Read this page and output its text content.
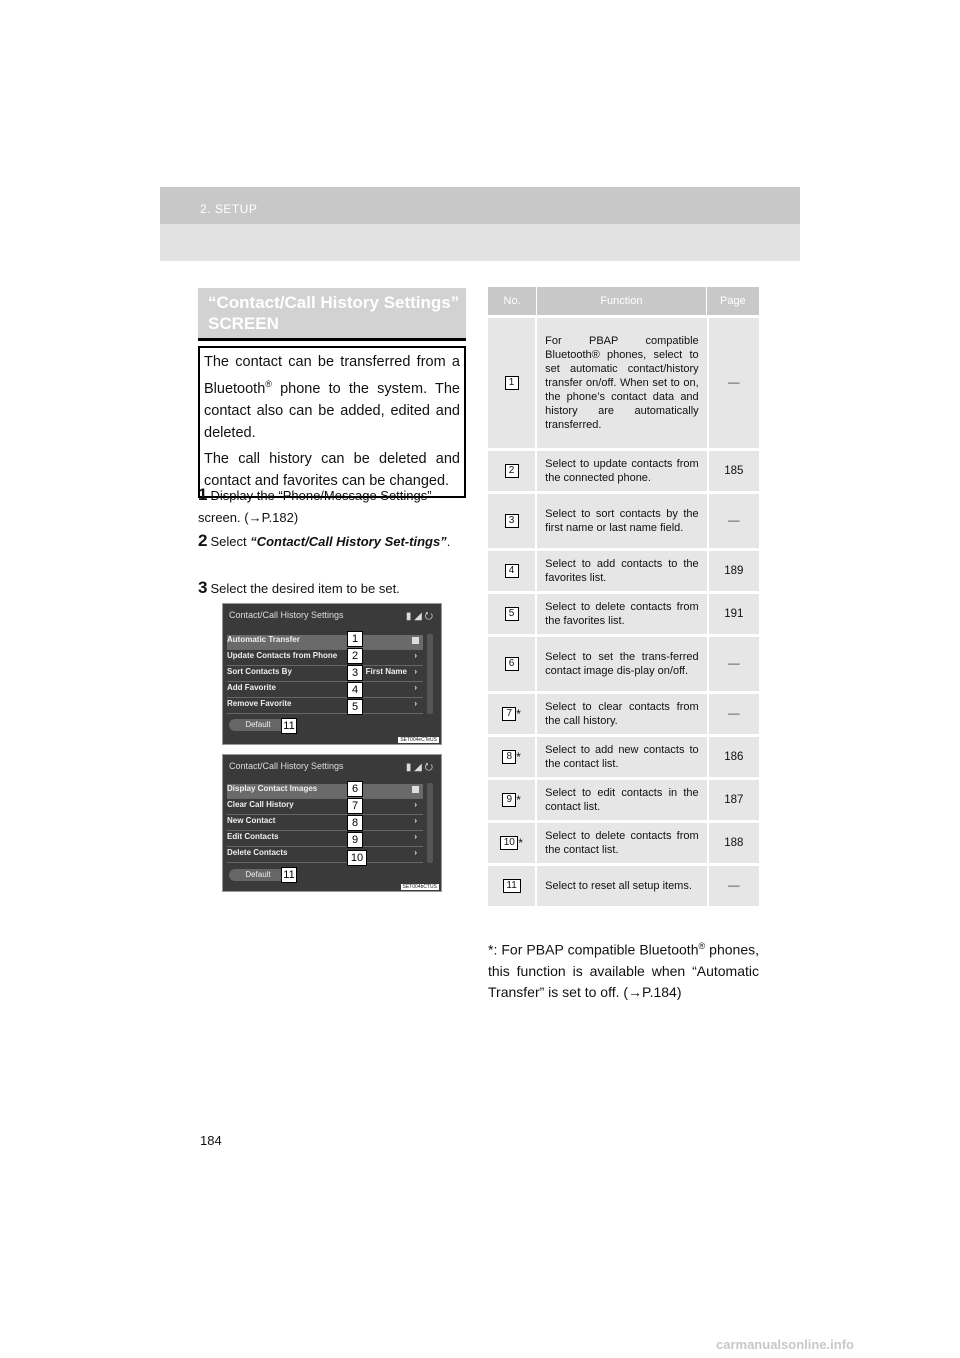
2. SETUP
“Contact/Call History Settings” SCREEN

The contact can be transferred from a Bluetooth® phone to the system. The contact also can be added, edited and deleted.

The call history can be deleted and contact and favorites can be changed.

1 Display the “Phone/Message Settings” screen. (→P.182)
2 Select “Contact/Call History Set-tings”.
3 Select the desired item to be set.
Contact/Call History Settings	▮ ◢ ⭮
Automatic Transfer
Update Contacts from Phone	›
Sort Contacts By	First Name ›
Add Favorite	›
Remove Favorite	›
Default
SET004eCTeUS
1
2
3
4
5
11
Contact/Call History Settings	▮ ◢ ⭮
Display Contact Images
Clear Call History	›
New Contact	›
Edit Contacts	›
Delete Contacts	›
Default
SET004bCTUS
6
7
8
9
10
11
No.	Function	Page
1	For PBAP compatible Bluetooth® phones, select to set automatic contact/history transfer on/off. When set to on, the phone’s contact data and history are automatically transferred.	—
2	Select to update contacts from the connected phone.	185
3	Select to sort contacts by the first name or last name field.	—
4	Select to add contacts to the favorites list.	189
5	Select to delete contacts from the favorites list.	191
6	Select to set the trans-ferred contact image dis-play on/off.	—
7 *	Select to clear contacts from the call history.	—
8 *	Select to add new contacts to the contact list.	186
9 *	Select to edit contacts in the contact list.	187
10 *	Select to delete contacts from the contact list.	188
11	Select to reset all setup items.	—
*: For PBAP compatible Bluetooth® phones, this function is available when “Automatic Transfer” is set to off. (→P.184)
184
carmanualsonline.info
